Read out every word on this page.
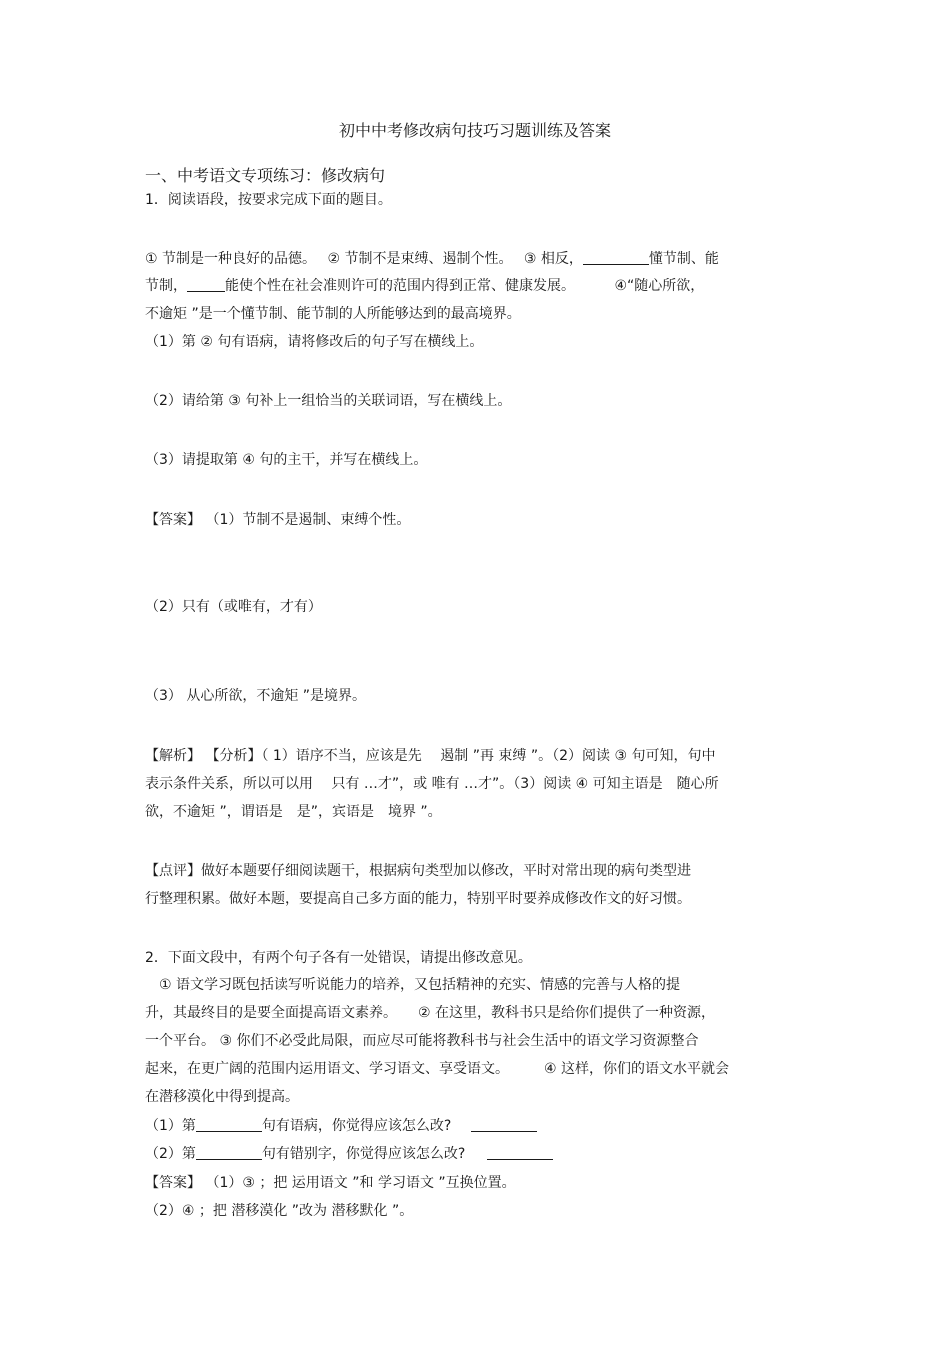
初中中考修改病句技巧习题训练及答案
一、中考语文专项练习：修改病句
1．阅读语段，按要求完成下面的题目。
① 节制是一种良好的品德。　 ② 节制不是束缚、遏制个性。　 ③ 相反，	懂节制、能
节制，	能使个性在社会准则许可的范围内得到正常、健康发展。　　　 ④“随心所欲，
不逾矩 ”是一个懂节制、能节制的人所能够达到的最高境界。
（1）第 ② 句有语病，请将修改后的句子写在横线上。
（2）请给第 ③ 句补上一组恰当的关联词语，写在横线上。
（3）请提取第 ④ 句的主干，并写在横线上。
【答案】 （1）节制不是遏制、束缚个性。
（2）只有（或唯有，才有）
（3） 从心所欲，不逾矩 ”是境界。
【解析】 【分析】（ 1）语序不当，应该是先　 遏制 ”再 束缚 ”。（2）阅读 ③ 句可知，句中
表示条件关系，所以可以用　 只有 …才”，或 唯有 …才”。（3）阅读 ④ 可知主语是　随心所
欲，不逾矩 ”，谓语是　是”，宾语是　境界 ”。
【点评】做好本题要仔细阅读题干，根据病句类型加以修改，平时对常出现的病句类型进
行整理积累。做好本题，要提高自己多方面的能力，特别平时要养成修改作文的好习惯。
2．下面文段中，有两个句子各有一处错误，请提出修改意见。
　① 语文学习既包括读写听说能力的培养，又包括精神的充实、情感的完善与人格的提
升，其最终目的是要全面提高语文素养。　　② 在这里，教科书只是给你们提供了一种资源，
一个平台。 ③ 你们不必受此局限，而应尽可能将教科书与社会生活中的语文学习资源整合
起来，在更广阔的范围内运用语文、学习语文、享受语文。　　　④ 这样，你们的语文水平就会
在潜移漠化中得到提高。
（1）第	句有语病，你觉得应该怎么改?
（2）第	句有错别字，你觉得应该怎么改?
【答案】 （1）③ ；把 运用语文 ”和 学习语文 ”互换位置。
（2）④ ；把 潜移漠化 ”改为 潜移默化 ”。
